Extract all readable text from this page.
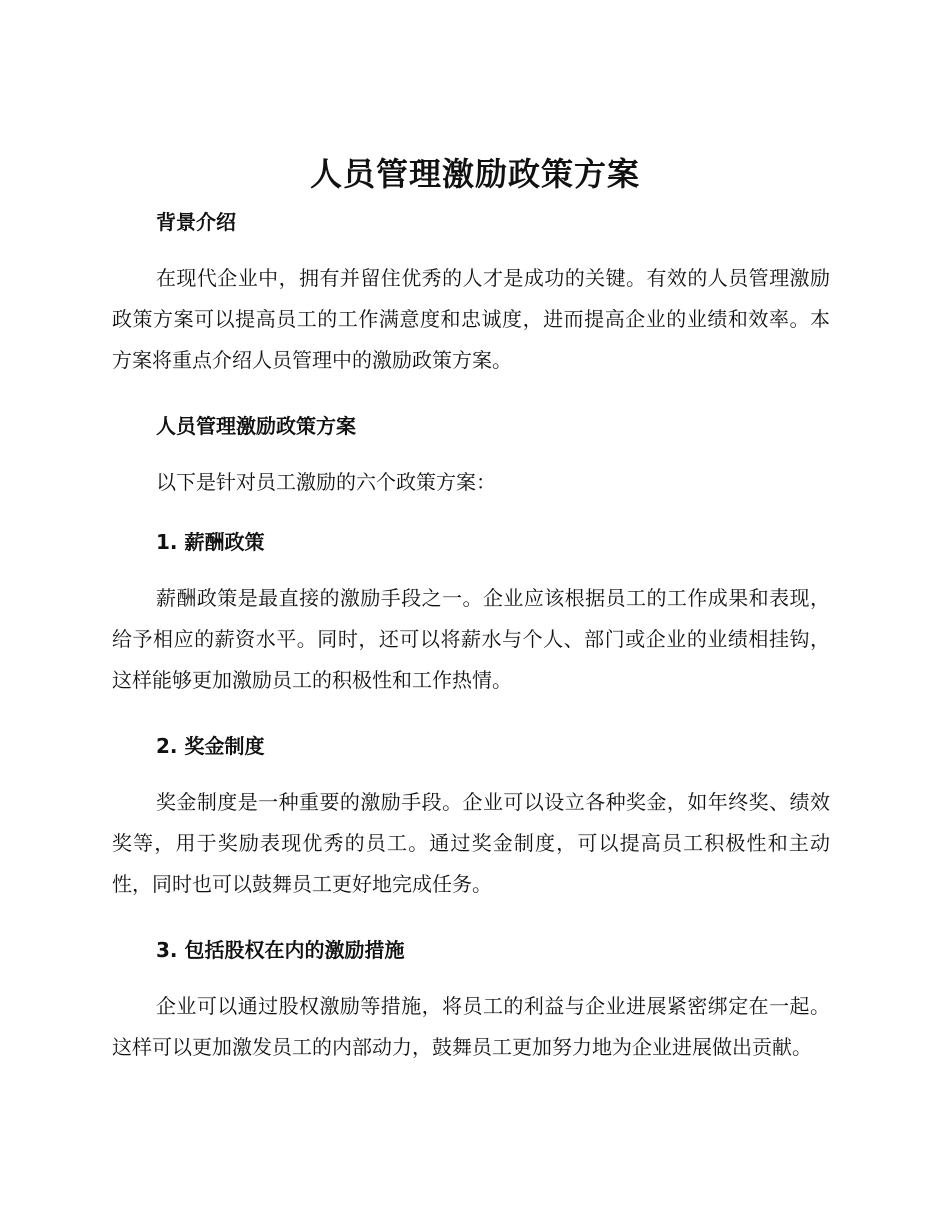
人员管理激励政策方案
背景介绍

在现代企业中，拥有并留住优秀的人才是成功的关键。有效的人员管理激励政策方案可以提高员工的工作满意度和忠诚度，进而提高企业的业绩和效率。本方案将重点介绍人员管理中的激励政策方案。

人员管理激励政策方案

以下是针对员工激励的六个政策方案：

1. 薪酬政策

薪酬政策是最直接的激励手段之一。企业应该根据员工的工作成果和表现，给予相应的薪资水平。同时，还可以将薪水与个人、部门或企业的业绩相挂钩，这样能够更加激励员工的积极性和工作热情。

2. 奖金制度

奖金制度是一种重要的激励手段。企业可以设立各种奖金，如年终奖、绩效奖等，用于奖励表现优秀的员工。通过奖金制度，可以提高员工积极性和主动性，同时也可以鼓舞员工更好地完成任务。

3. 包括股权在内的激励措施

企业可以通过股权激励等措施，将员工的利益与企业进展紧密绑定在一起。这样可以更加激发员工的内部动力，鼓舞员工更加努力地为企业进展做出贡献。
